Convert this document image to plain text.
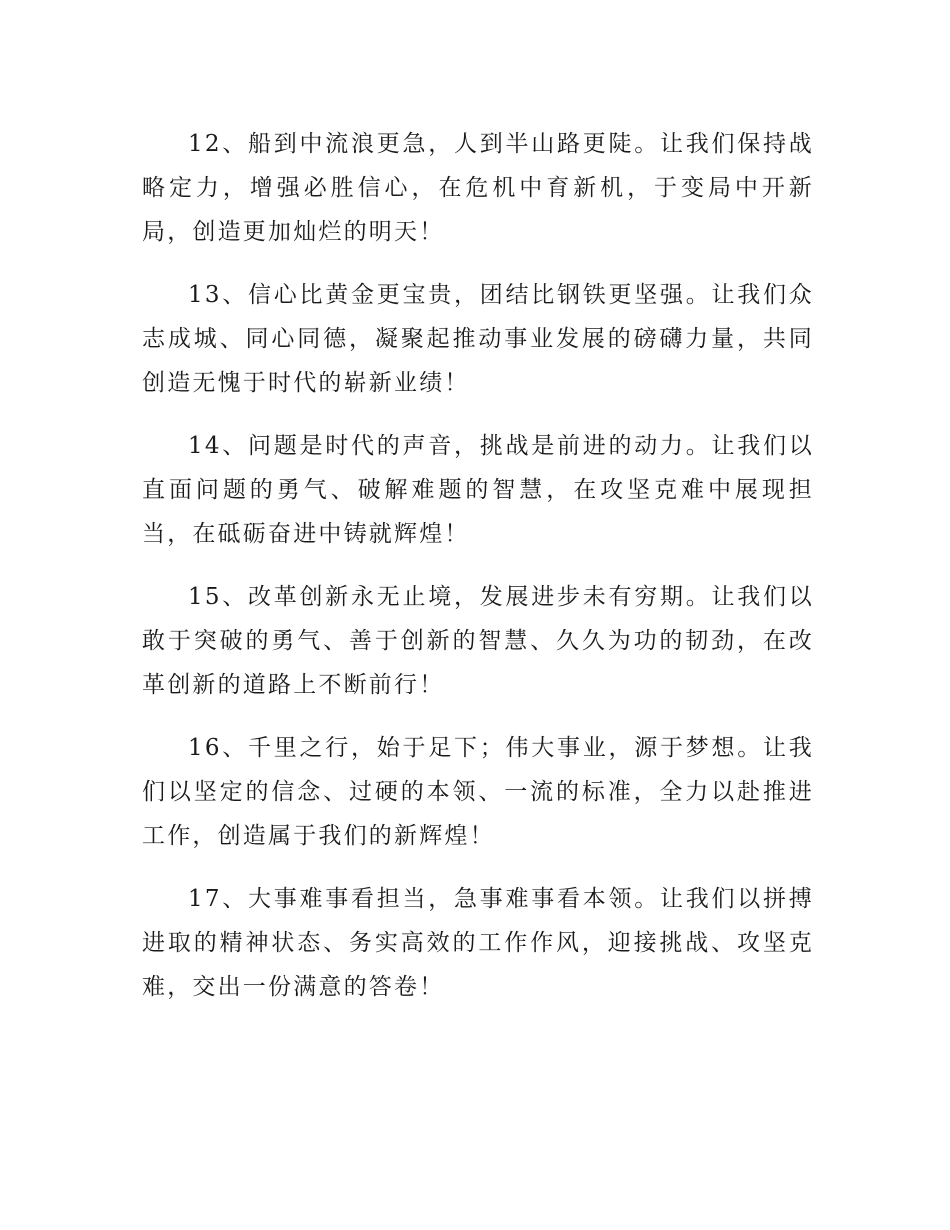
12、船到中流浪更急，人到半山路更陡。让我们保持战略定力，增强必胜信心，在危机中育新机，于变局中开新局，创造更加灿烂的明天！

13、信心比黄金更宝贵，团结比钢铁更坚强。让我们众志成城、同心同德，凝聚起推动事业发展的磅礴力量，共同创造无愧于时代的崭新业绩！

14、问题是时代的声音，挑战是前进的动力。让我们以直面问题的勇气、破解难题的智慧，在攻坚克难中展现担当，在砥砺奋进中铸就辉煌！

15、改革创新永无止境，发展进步未有穷期。让我们以敢于突破的勇气、善于创新的智慧、久久为功的韧劲，在改革创新的道路上不断前行！

16、千里之行，始于足下；伟大事业，源于梦想。让我们以坚定的信念、过硬的本领、一流的标准，全力以赴推进工作，创造属于我们的新辉煌！

17、大事难事看担当，急事难事看本领。让我们以拼搏进取的精神状态、务实高效的工作作风，迎接挑战、攻坚克难，交出一份满意的答卷！
